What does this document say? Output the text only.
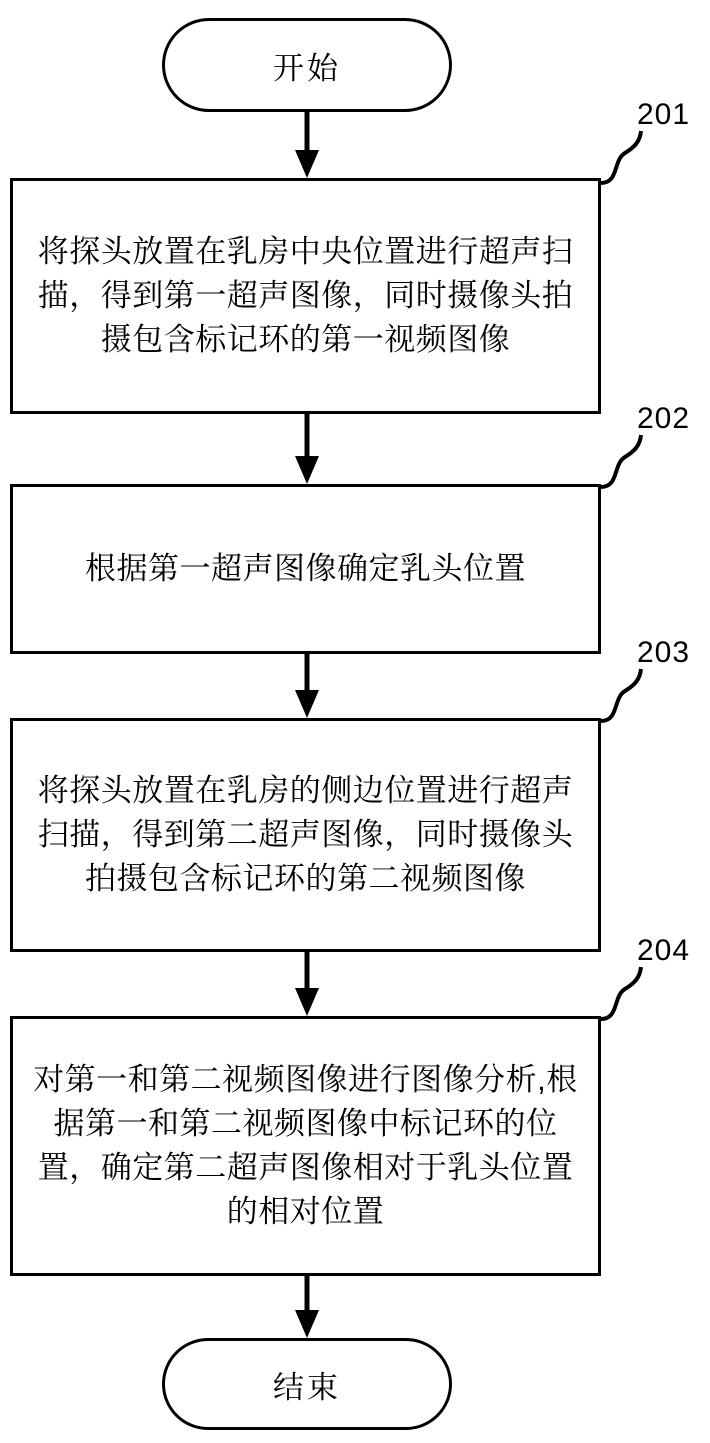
开始
将探头放置在乳房中央位置进行超声扫描，得到第一超声图像，同时摄像头拍摄包含标记环的第一视频图像
201
根据第一超声图像确定乳头位置
202
将探头放置在乳房的侧边位置进行超声扫描，得到第二超声图像，同时摄像头拍摄包含标记环的第二视频图像
203
对第一和第二视频图像进行图像分析,根据第一和第二视频图像中标记环的位置，确定第二超声图像相对于乳头位置的相对位置
204
结束
